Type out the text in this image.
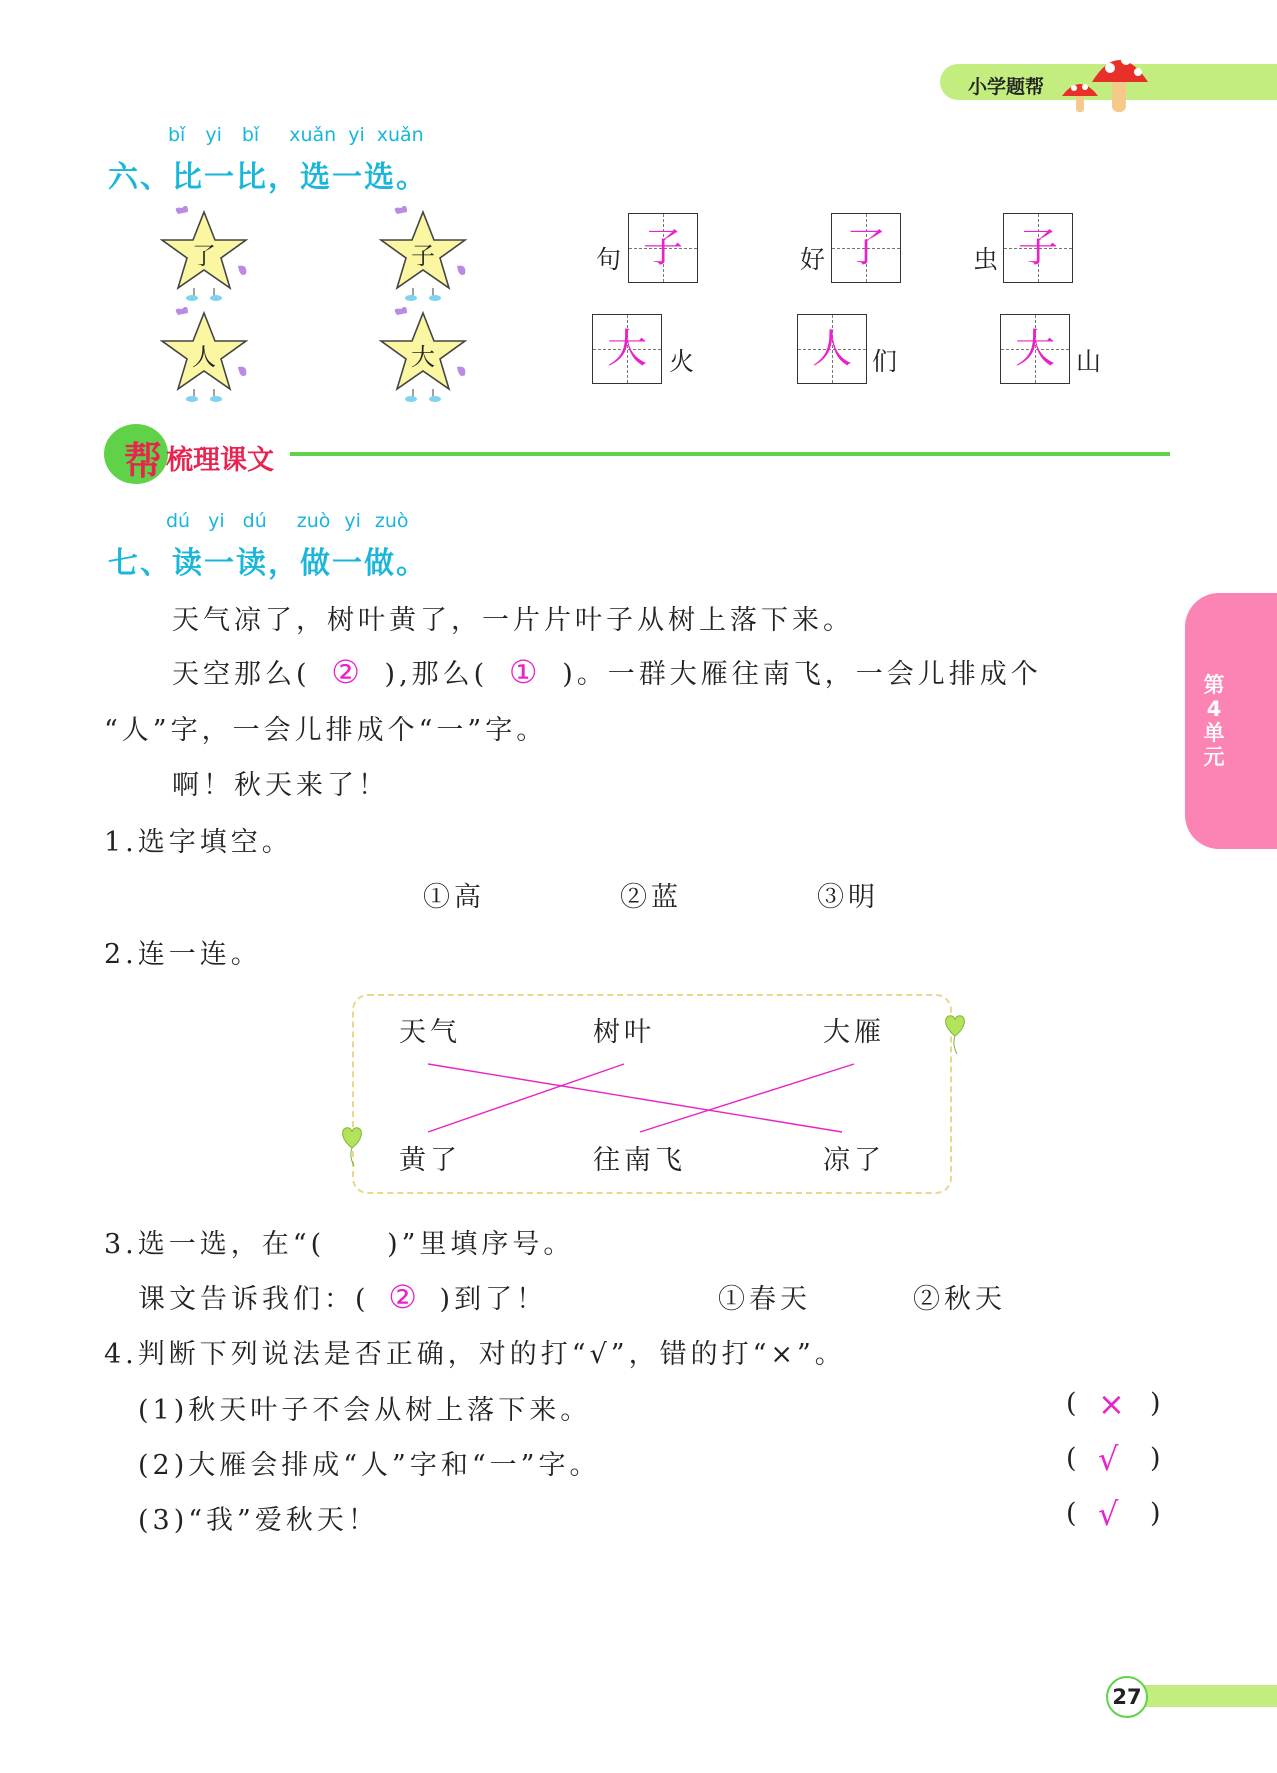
小学题帮
bǐ yi bǐ xuǎn yi xuǎn
六、比一比，选一选。
了	子
人	大
句 子	好 了	虫 子
大 火	人 们	大 山
帮 梳理课文
dú yi dú zuò yi zuò
七、读一读，做一做。
天气凉了，树叶黄了，一片片叶子从树上落下来。
天空那么( ② ),那么( ① )。一群大雁往南飞，一会儿排成个
“人”字，一会儿排成个“一”字。
啊！秋天来了！
第
4
单
元
1.选字填空。
①高	②蓝	③明
2.连一连。
天气	树叶	大雁
黄了	往南飞	凉了
3.选一选，在“(　　)”里填序号。
课文告诉我们：( ② )到了！	①春天	②秋天
4.判断下列说法是否正确，对的打“√”，错的打“×”。
(1)秋天叶子不会从树上落下来。	( × )
(2)大雁会排成“人”字和“一”字。	( √ )
(3)“我”爱秋天！	( √ )
27
